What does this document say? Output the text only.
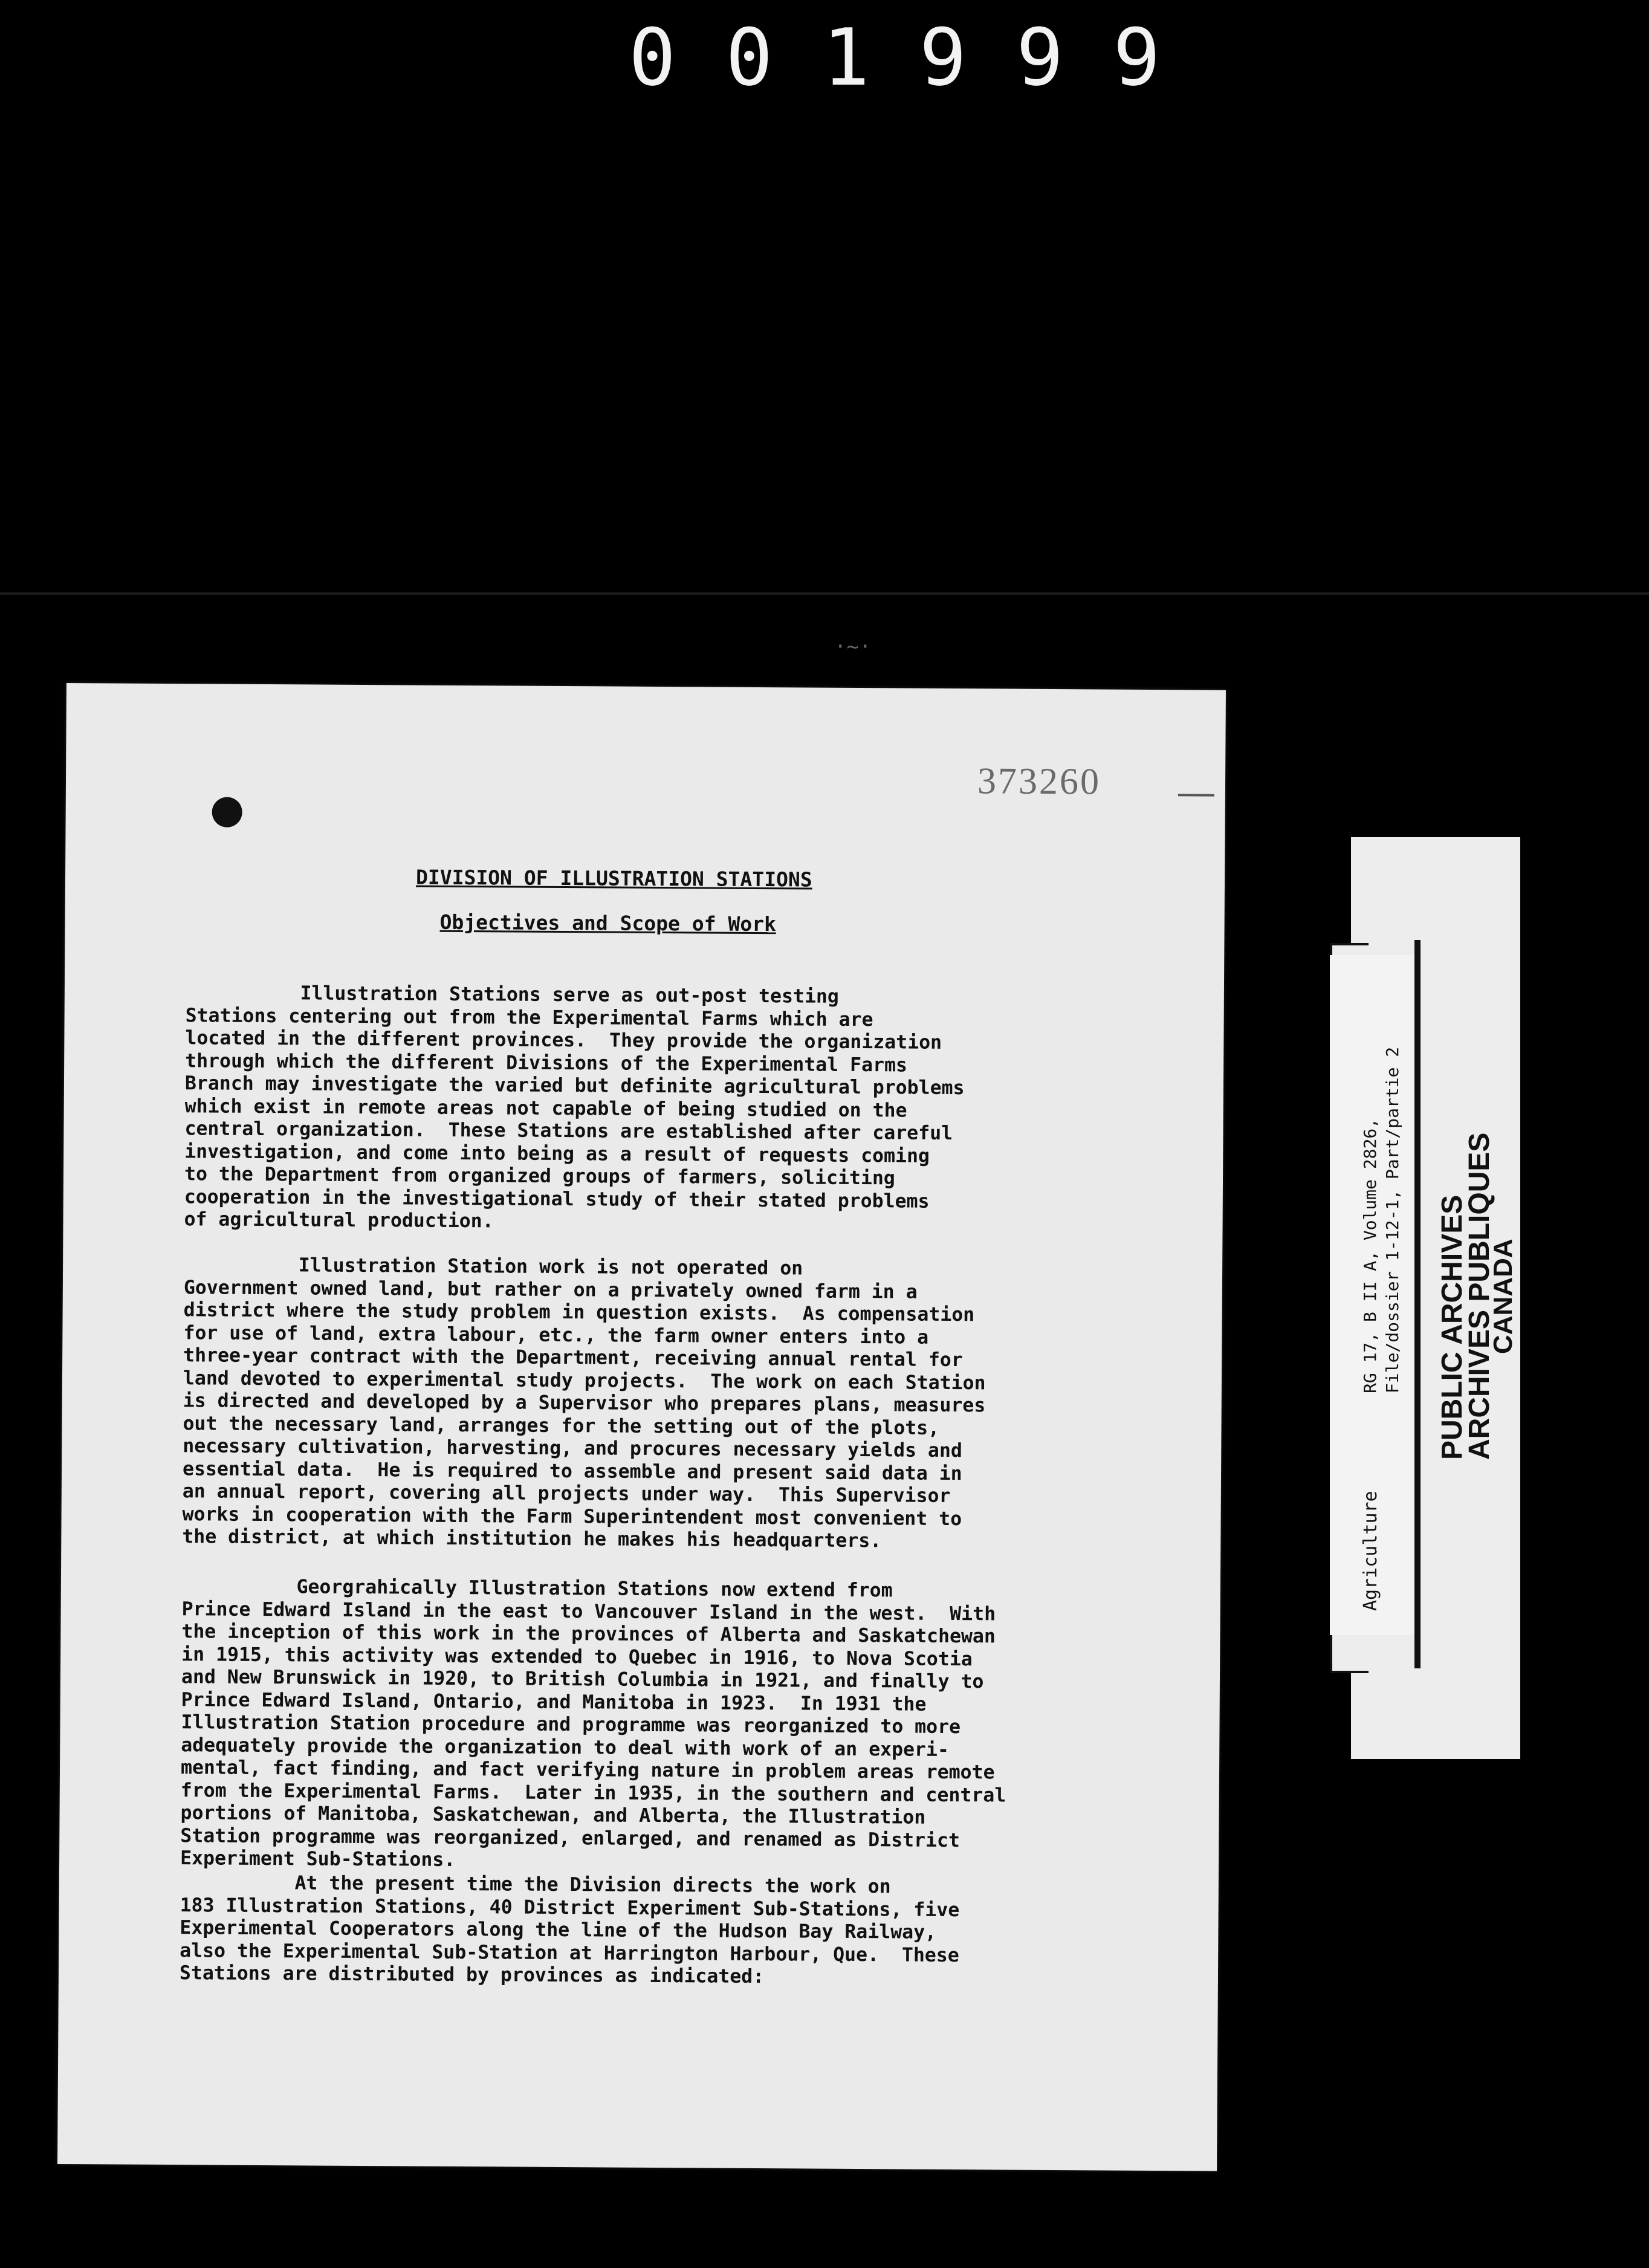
001999
·~·
373260
DIVISION OF ILLUSTRATION STATIONS
Objectives and Scope of Work
Illustration Stations serve as out-post testing
Stations centering out from the Experimental Farms which are
located in the different provinces.  They provide the organization
through which the different Divisions of the Experimental Farms
Branch may investigate the varied but definite agricultural problems
which exist in remote areas not capable of being studied on the
central organization.  These Stations are established after careful
investigation, and come into being as a result of requests coming
to the Department from organized groups of farmers, soliciting
cooperation in the investigational study of their stated problems
of agricultural production.
Illustration Station work is not operated on
Government owned land, but rather on a privately owned farm in a
district where the study problem in question exists.  As compensation
for use of land, extra labour, etc., the farm owner enters into a
three-year contract with the Department, receiving annual rental for
land devoted to experimental study projects.  The work on each Station
is directed and developed by a Supervisor who prepares plans, measures
out the necessary land, arranges for the setting out of the plots,
necessary cultivation, harvesting, and procures necessary yields and
essential data.  He is required to assemble and present said data in
an annual report, covering all projects under way.  This Supervisor
works in cooperation with the Farm Superintendent most convenient to
the district, at which institution he makes his headquarters.
Georgrahically Illustration Stations now extend from
Prince Edward Island in the east to Vancouver Island in the west.  With
the inception of this work in the provinces of Alberta and Saskatchewan
in 1915, this activity was extended to Quebec in 1916, to Nova Scotia
and New Brunswick in 1920, to British Columbia in 1921, and finally to
Prince Edward Island, Ontario, and Manitoba in 1923.  In 1931 the
Illustration Station procedure and programme was reorganized to more
adequately provide the organization to deal with work of an experi-
mental, fact finding, and fact verifying nature in problem areas remote
from the Experimental Farms.  Later in 1935, in the southern and central
portions of Manitoba, Saskatchewan, and Alberta, the Illustration
Station programme was reorganized, enlarged, and renamed as District
Experiment Sub-Stations.
At the present time the Division directs the work on
183 Illustration Stations, 40 District Experiment Sub-Stations, five
Experimental Cooperators along the line of the Hudson Bay Railway,
also the Experimental Sub-Station at Harrington Harbour, Que.  These
Stations are distributed by provinces as indicated:
Agriculture
RG 17, B II A, Volume 2826, File/dossier 1-12-1, Part/partie 2 PUBLIC ARCHIVES
ARCHIVES PUBLIQUES
CANADA
